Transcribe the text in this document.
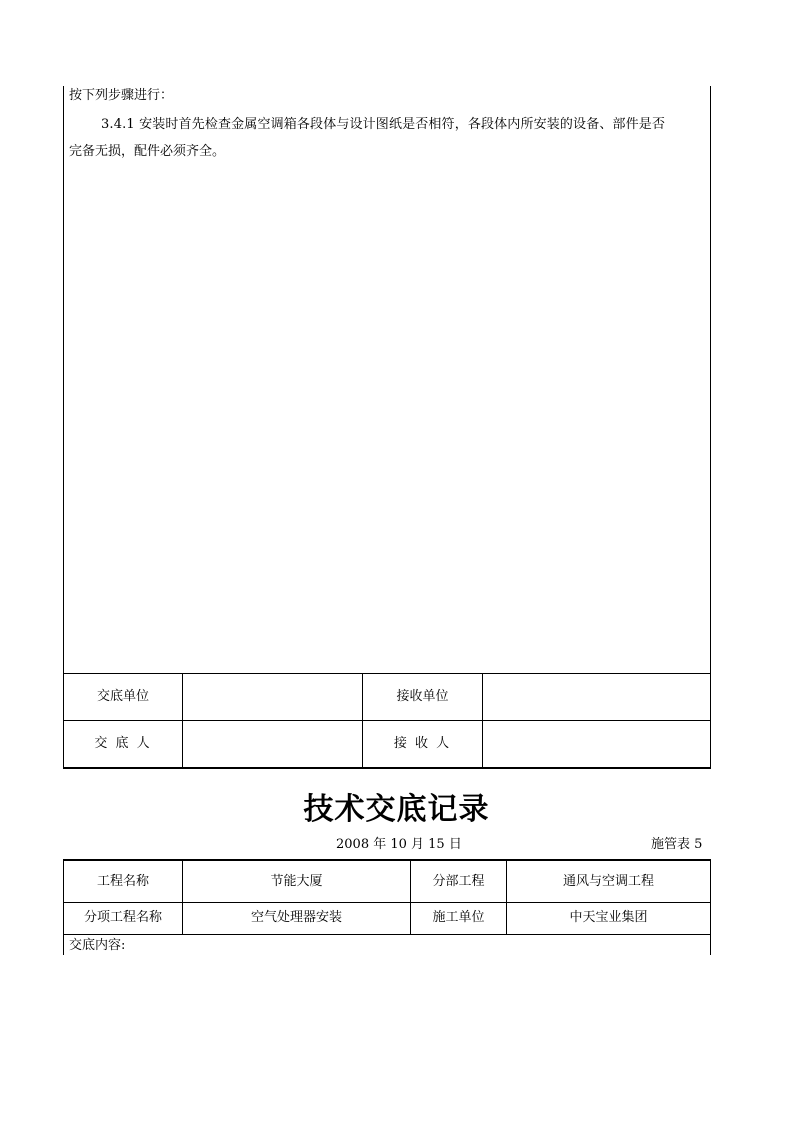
按下列步骤进行：
3.4.1 安装时首先检查金属空调箱各段体与设计图纸是否相符，各段体内所安装的设备、部件是否
完备无损，配件必须齐全。
交底单位	接收单位
交 底 人	接 收 人
技术交底记录
2008 年 10 月 15 日	施管表 5
工程名称	节能大厦	分部工程	通风与空调工程
分项工程名称	空气处理器安装	施工单位	中天宝业集团
交底内容:
